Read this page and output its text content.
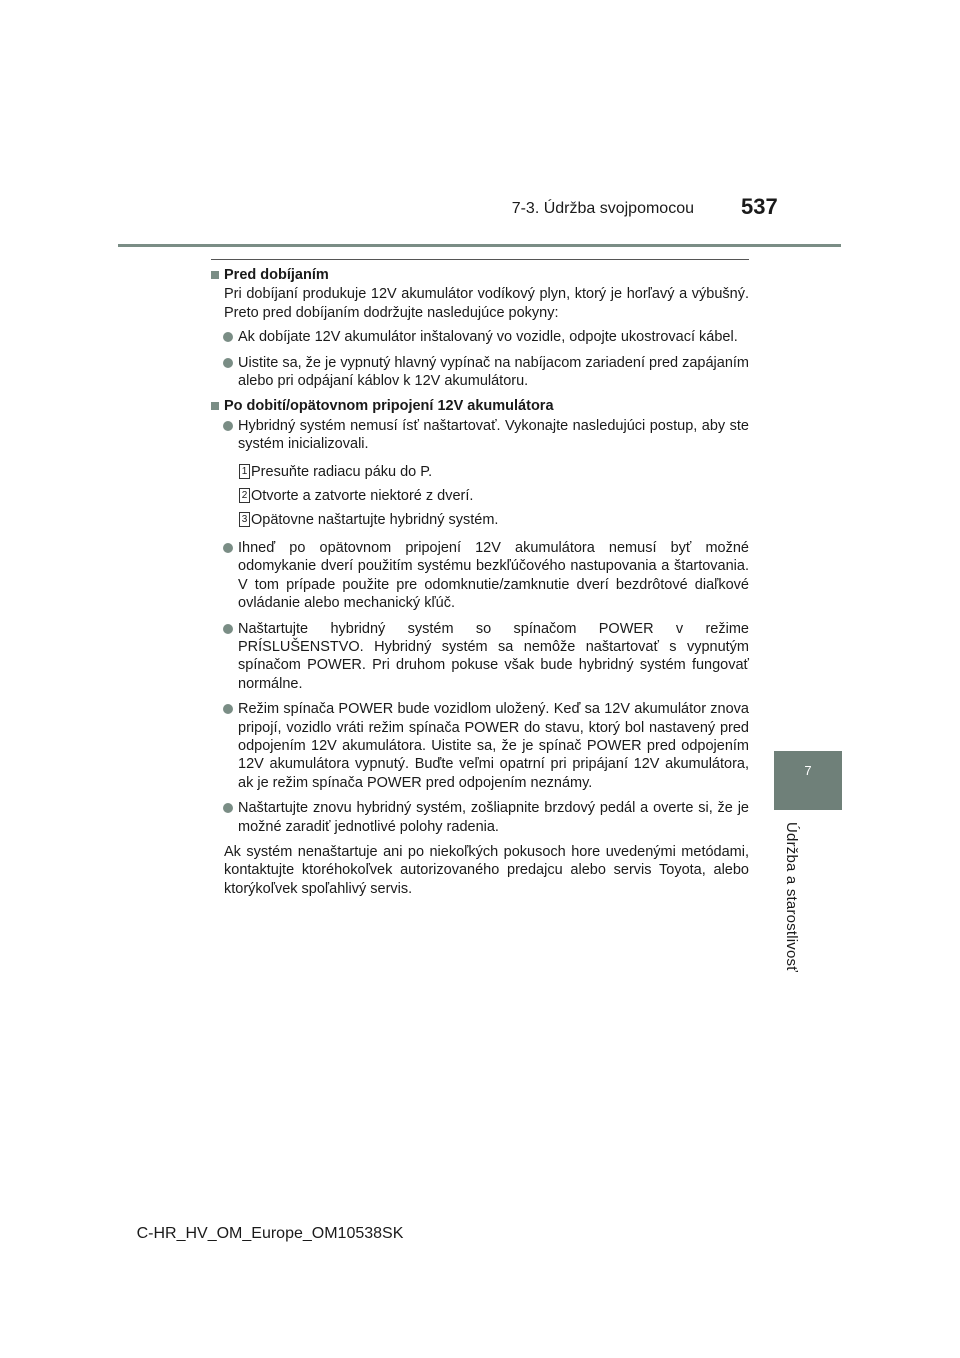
7-3. Údržba svojpomocou 537
7
Údržba a starostlivosť
Pred dobíjaním
Pri dobíjaní produkuje 12V akumulátor vodíkový plyn, ktorý je horľavý a výbušný. Preto pred dobíjaním dodržujte nasledujúce pokyny:
Ak dobíjate 12V akumulátor inštalovaný vo vozidle, odpojte ukostrovací kábel.
Uistite sa, že je vypnutý hlavný vypínač na nabíjacom zariadení pred zapájaním alebo pri odpájaní káblov k 12V akumulátoru.
Po dobití/opätovnom pripojení 12V akumulátora
Hybridný systém nemusí ísť naštartovať. Vykonajte nasledujúci postup, aby ste systém inicializovali.
1 Presuňte radiacu páku do P.
2 Otvorte a zatvorte niektoré z dverí.
3 Opätovne naštartujte hybridný systém.
Ihneď po opätovnom pripojení 12V akumulátora nemusí byť možné odomykanie dverí použitím systému bezkľúčového nastupovania a štartovania. V tom prípade použite pre odomknutie/zamknutie dverí bezdrôtové diaľkové ovládanie alebo mechanický kľúč.
Naštartujte hybridný systém so spínačom POWER v režime PRÍSLUŠENSTVO. Hybridný systém sa nemôže naštartovať s vypnutým spínačom POWER. Pri druhom pokuse však bude hybridný systém fungovať normálne.
Režim spínača POWER bude vozidlom uložený. Keď sa 12V akumulátor znova pripojí, vozidlo vráti režim spínača POWER do stavu, ktorý bol nastavený pred odpojením 12V akumulátora. Uistite sa, že je spínač POWER pred odpojením 12V akumulátora vypnutý. Buďte veľmi opatrní pri pripájaní 12V akumulátora, ak je režim spínača POWER pred odpojením neznámy.
Naštartujte znovu hybridný systém, zošliapnite brzdový pedál a overte si, že je možné zaradiť jednotlivé polohy radenia.
Ak systém nenaštartuje ani po niekoľkých pokusoch hore uvedenými metódami, kontaktujte ktoréhokoľvek autorizovaného predajcu alebo servis Toyota, alebo ktorýkoľvek spoľahlivý servis.
C-HR_HV_OM_Europe_OM10538SK
